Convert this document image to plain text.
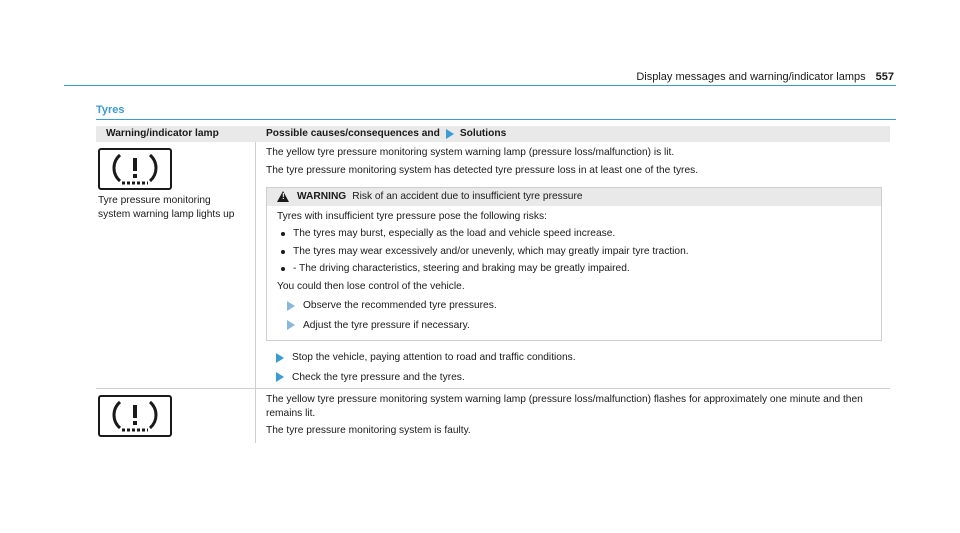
Display messages and warning/indicator lamps 557
Tyres
Warning/indicator lamp	Possible causes/consequences and Solutions
Tyre pressure monitoring system warning lamp lights up

The yellow tyre pressure monitoring system warning lamp (pressure loss/malfunction) is lit.

The tyre pressure monitoring system has detected tyre pressure loss in at least one of the tyres.

! WARNING Risk of an accident due to insufficient tyre pressure

Tyres with insufficient tyre pressure pose the following risks:

The tyres may burst, especially as the load and vehicle speed increase.
The tyres may wear excessively and/or unevenly, which may greatly impair tyre traction.
- The driving characteristics, steering and braking may be greatly impaired.

You could then lose control of the vehicle.

Observe the recommended tyre pressures.
Adjust the tyre pressure if necessary.
Stop the vehicle, paying attention to road and traffic conditions.
Check the tyre pressure and the tyres.

The yellow tyre pressure monitoring system warning lamp (pressure loss/malfunction) flashes for approximately one minute and then remains lit.

The tyre pressure monitoring system is faulty.
